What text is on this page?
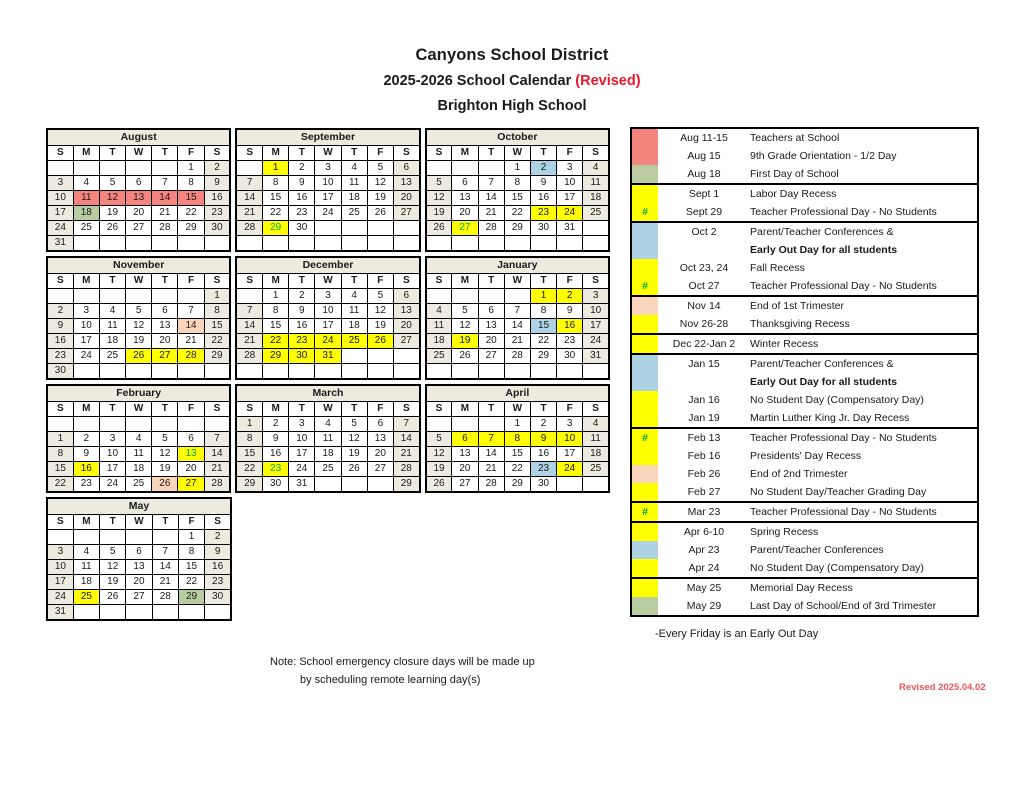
Canyons School District
2025-2026 School Calendar (Revised)
Brighton High School
August						
S	M	T	W	T	F	S
					1	2
3	4	5	6	7	8	9
10	11	12	13	14	15	16
17	18	19	20	21	22	23
24	25	26	27	28	29	30
31						
September						
S	M	T	W	T	F	S
	1	2	3	4	5	6
7	8	9	10	11	12	13
14	15	16	17	18	19	20
21	22	23	24	25	26	27
28	29	30				

October						
S	M	T	W	T	F	S
			1	2	3	4
5	6	7	8	9	10	11
12	13	14	15	16	17	18
19	20	21	22	23	24	25
26	27	28	29	30	31	

November						
S	M	T	W	T	F	S
						1
2	3	4	5	6	7	8
9	10	11	12	13	14	15
16	17	18	19	20	21	22
23	24	25	26	27	28	29
30						
December						
S	M	T	W	T	F	S
	1	2	3	4	5	6
7	8	9	10	11	12	13
14	15	16	17	18	19	20
21	22	23	24	25	26	27
28	29	30	31			

January						
S	M	T	W	T	F	S
				1	2	3
4	5	6	7	8	9	10
11	12	13	14	15	16	17
18	19	20	21	22	23	24
25	26	27	28	29	30	31

February						
S	M	T	W	T	F	S

1	2	3	4	5	6	7
8	9	10	11	12	13	14
15	16	17	18	19	20	21
22	23	24	25	26	27	28
March						
S	M	T	W	T	F	S
1	2	3	4	5	6	7
8	9	10	11	12	13	14
15	16	17	18	19	20	21
22	23	24	25	26	27	28
29	30	31				29
April						
S	M	T	W	T	F	S
			1	2	3	4
5	6	7	8	9	10	11
12	13	14	15	16	17	18
19	20	21	22	23	24	25
26	27	28	29	30		
May						
S	M	T	W	T	F	S
					1	2
3	4	5	6	7	8	9
10	11	12	13	14	15	16
17	18	19	20	21	22	23
24	25	26	27	28	29	30
31						
	Aug 11-15	Teachers at School
	Aug 15	9th Grade Orientation - 1/2 Day
	Aug 18	First Day of School
	Sept 1	Labor Day Recess
#	Sept 29	Teacher Professional Day - No Students
	Oct 2	Parent/Teacher Conferences &
		Early Out Day for all students
	Oct 23, 24	Fall Recess
#	Oct 27	Teacher Professional Day - No Students
	Nov 14	End of 1st Trimester
	Nov 26-28	Thanksgiving Recess
	Dec 22-Jan 2	Winter Recess
	Jan 15	Parent/Teacher Conferences &
		Early Out Day for all students
	Jan 16	No Student Day (Compensatory Day)
	Jan 19	Martin Luther King Jr. Day Recess
#	Feb 13	Teacher Professional Day - No Students
	Feb 16	Presidents' Day Recess
	Feb 26	End of 2nd Trimester
	Feb 27	No Student Day/Teacher Grading Day
#	Mar 23	Teacher Professional Day - No Students
	Apr 6-10	Spring Recess
	Apr 23	Parent/Teacher Conferences
	Apr 24	No Student Day (Compensatory Day)
	May 25	Memorial Day Recess
	May 29	Last Day of School/End of 3rd Trimester
-Every Friday is an Early Out Day
Note: School emergency closure days will be made up
by scheduling remote learning day(s)
Revised 2025.04.02
